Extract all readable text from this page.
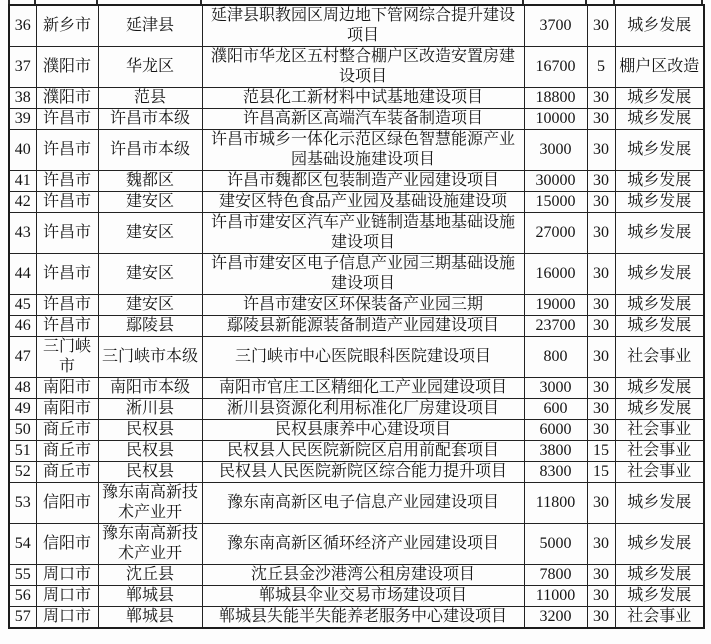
36	新乡市	延津县	延津县职教园区周边地下管网综合提升建设项目	3700	30	城乡发展
37	濮阳市	华龙区	濮阳市华龙区五村整合棚户区改造安置房建设项目	16700	5	棚户区改造
38	濮阳市	范县	范县化工新材料中试基地建设项目	18800	30	城乡发展
39	许昌市	许昌市本级	许昌高新区高端汽车装备制造项目	10000	30	城乡发展
40	许昌市	许昌市本级	许昌市城乡一体化示范区绿色智慧能源产业园基础设施建设项目	3000	30	城乡发展
41	许昌市	魏都区	许昌市魏都区包装制造产业园建设项目	30000	30	城乡发展
42	许昌市	建安区	建安区特色食品产业园及基础设施建设项	15000	30	城乡发展
43	许昌市	建安区	许昌市建安区汽车产业链制造基地基础设施建设项目	27000	30	城乡发展
44	许昌市	建安区	许昌市建安区电子信息产业园三期基础设施建设项目	16000	30	城乡发展
45	许昌市	建安区	许昌市建安区环保装备产业园三期	19000	30	城乡发展
46	许昌市	鄢陵县	鄢陵县新能源装备制造产业园建设项目	23700	30	城乡发展
47	三门峡市	三门峡市本级	三门峡市中心医院眼科医院建设项目	800	30	社会事业
48	南阳市	南阳市本级	南阳市官庄工区精细化工产业园建设项目	3000	30	城乡发展
49	南阳市	淅川县	淅川县资源化利用标准化厂房建设项目	600	30	城乡发展
50	商丘市	民权县	民权县康养中心建设项目	6000	30	社会事业
51	商丘市	民权县	民权县人民医院新院区启用前配套项目	3800	15	社会事业
52	商丘市	民权县	民权县人民医院新院区综合能力提升项目	8300	15	社会事业
53	信阳市	豫东南高新技术产业开	豫东南高新区电子信息产业园建设项目	11800	30	城乡发展
54	信阳市	豫东南高新技术产业开	豫东南高新区循环经济产业园建设项目	5000	30	城乡发展
55	周口市	沈丘县	沈丘县金沙港湾公租房建设项目	7800	30	城乡发展
56	周口市	郸城县	郸城县伞业交易市场建设项目	11000	30	城乡发展
57	周口市	郸城县	郸城县失能半失能养老服务中心建设项目	3200	30	社会事业
